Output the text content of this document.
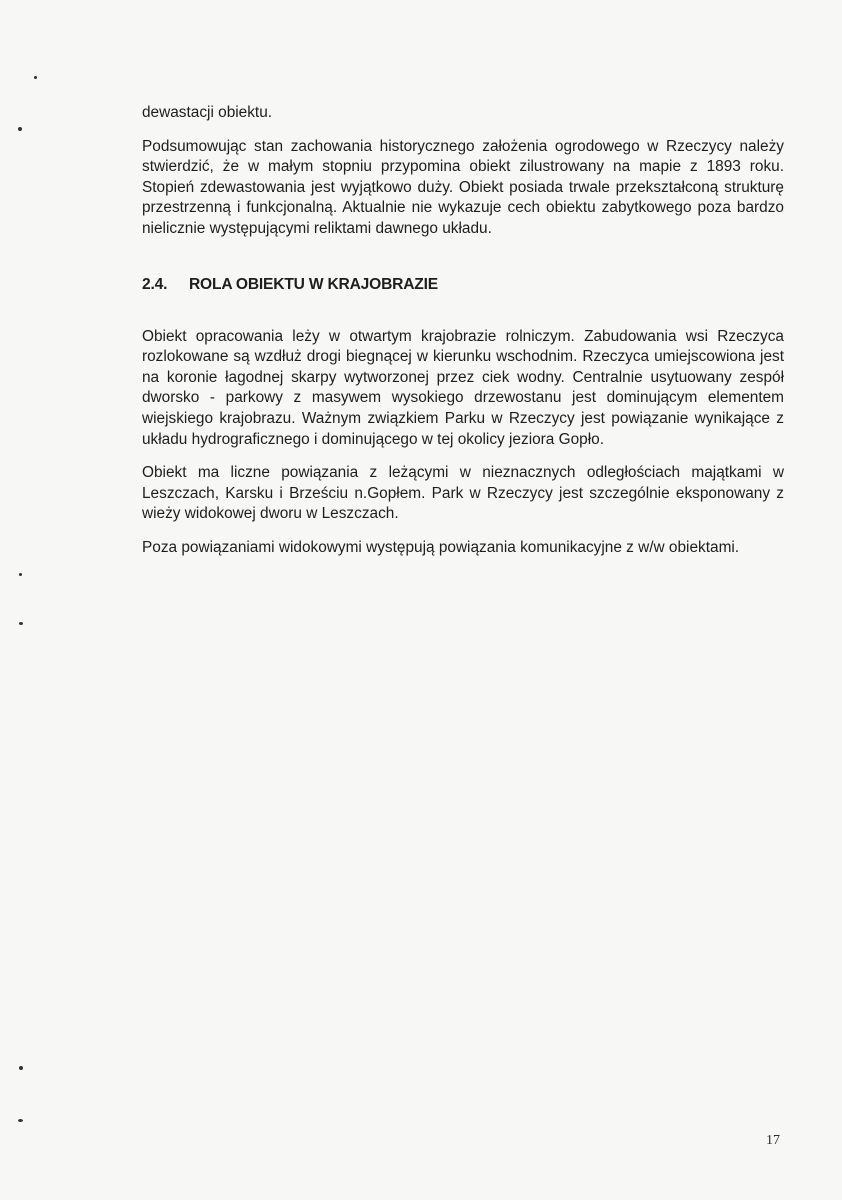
dewastacji obiektu.

Podsumowując stan zachowania historycznego założenia ogrodowego w Rzeczycy należy stwierdzić, że w małym stopniu przypomina obiekt zilustrowany na mapie z 1893 roku. Stopień zdewastowania jest wyjątkowo duży. Obiekt posiada trwale przekształconą strukturę przestrzenną i funkcjonalną. Aktualnie nie wykazuje cech obiektu zabytkowego poza bardzo nielicznie występującymi reliktami dawnego układu.

2.4.	ROLA OBIEKTU W KRAJOBRAZIE

Obiekt opracowania leży w otwartym krajobrazie rolniczym. Zabudowania wsi Rzeczyca rozlokowane są wzdłuż drogi biegnącej w kierunku wschodnim. Rzeczyca umiejscowiona jest na koronie łagodnej skarpy wytworzonej przez ciek wodny. Centralnie usytuowany zespół dworsko - parkowy z masywem wysokiego drzewostanu jest dominującym elementem wiejskiego krajobrazu. Ważnym związkiem Parku w Rzeczycy jest powiązanie wynikające z układu hydrograficznego i dominującego w tej okolicy jeziora Gopło.

Obiekt ma liczne powiązania z leżącymi w nieznacznych odległościach majątkami w Leszczach, Karsku i Brześciu n.Gopłem. Park w Rzeczycy jest szczególnie eksponowany z wieży widokowej dworu w Leszczach.

Poza powiązaniami widokowymi występują powiązania komunikacyjne z w/w obiektami.

17
